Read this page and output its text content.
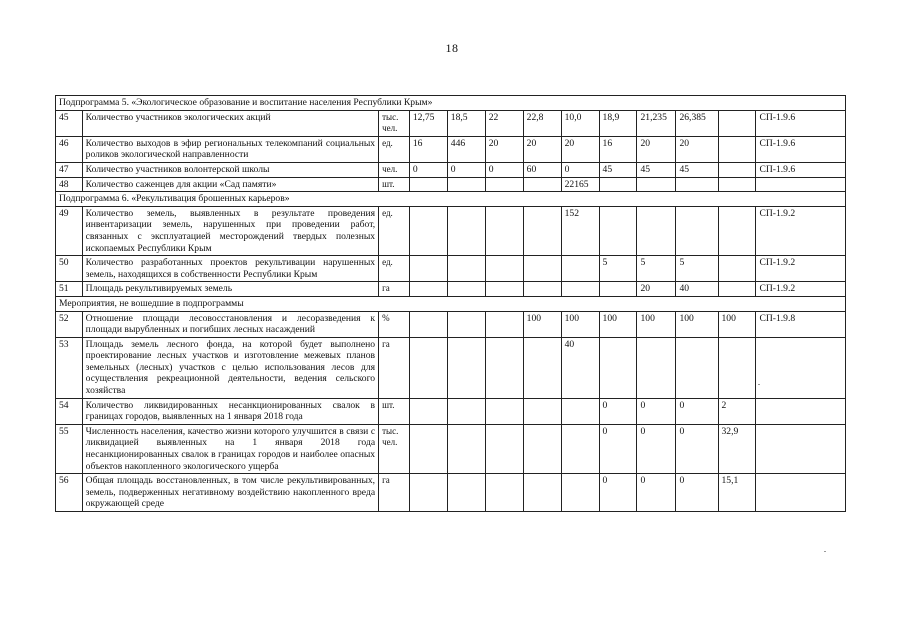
18
Подпрограмма 5. «Экологическое образование и воспитание населения Республики Крым»												
45	Количество участников экологических акций	тыс. чел.	12,75	18,5	22	22,8	10,0	18,9	21,235	26,385		СП-1.9.6
46	Количество выходов в эфир региональных телекомпаний социальных роликов экологической направленности	ед.	16	446	20	20	20	16	20	20		СП-1.9.6
47	Количество участников волонтерской школы	чел.	0	0	0	60	0	45	45	45		СП-1.9.6
48	Количество саженцев для акции «Сад памяти»	шт.					22165					
Подпрограмма 6. «Рекультивация брошенных карьеров»												
49	Количество земель, выявленных в результате проведения инвентаризации земель, нарушенных при проведении работ, связанных с эксплуатацией месторождений твердых полезных ископаемых Республики Крым	ед.					152					СП-1.9.2
50	Количество разработанных проектов рекультивации нарушенных земель, находящихся в собственности Республики Крым	ед.						5	5	5		СП-1.9.2
51	Площадь рекультивируемых земель	га							20	40		СП-1.9.2
Мероприятия, не вошедшие в подпрограммы												
52	Отношение площади лесовосстановления и лесоразведения к площади вырубленных и погибших лесных насаждений	%				100	100	100	100	100	100	СП-1.9.8
53	Площадь земель лесного фонда, на которой будет выполнено проектирование лесных участков и изготовление межевых планов земельных (лесных) участков с целью использования лесов для осуществления рекреационной деятельности, ведения сельского хозяйства	га					40					
54	Количество ликвидированных несанкционированных свалок в границах городов, выявленных на 1 января 2018 года	шт.						0	0	0	2	
55	Численность населения, качество жизни которого улучшится в связи с ликвидацией выявленных на 1 января 2018 года несанкционированных свалок в границах городов и наиболее опасных объектов накопленного экологического ущерба	тыс. чел.						0	0	0	32,9	
56	Общая площадь восстановленных, в том числе рекультивированных, земель, подверженных негативному воздействию накопленного вреда окружающей среде	га						0	0	0	15,1	
